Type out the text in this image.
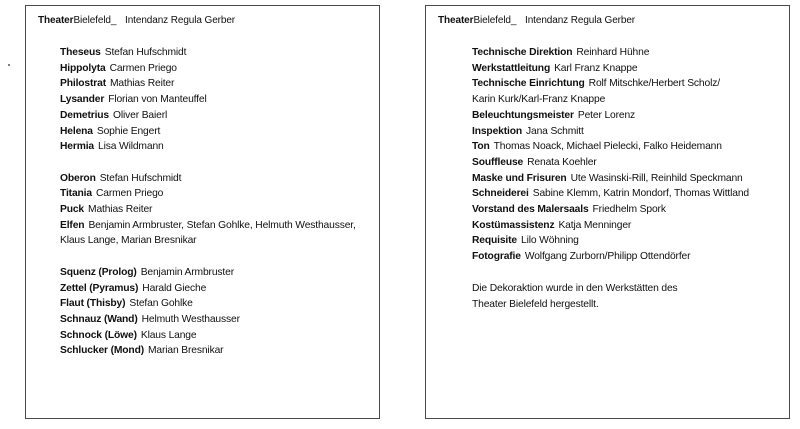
TheaterBielefeld_ Intendanz Regula Gerber
Theseus Stefan Hufschmidt
Hippolyta Carmen Priego
Philostrat Mathias Reiter
Lysander Florian von Manteuffel
Demetrius Oliver Baierl
Helena Sophie Engert
Hermia Lisa Wildmann
Oberon Stefan Hufschmidt
Titania Carmen Priego
Puck Mathias Reiter
Elfen Benjamin Armbruster, Stefan Gohlke, Helmuth Westhausser,
Klaus Lange, Marian Bresnikar
Squenz (Prolog) Benjamin Armbruster
Zettel (Pyramus) Harald Gieche
Flaut (Thisby) Stefan Gohlke
Schnauz (Wand) Helmuth Westhausser
Schnock (Löwe) Klaus Lange
Schlucker (Mond) Marian Bresnikar
TheaterBielefeld_ Intendanz Regula Gerber
Technische Direktion Reinhard Hühne
Werkstattleitung Karl Franz Knappe
Technische Einrichtung Rolf Mitschke/Herbert Scholz/
Karin Kurk/Karl-Franz Knappe
Beleuchtungsmeister Peter Lorenz
Inspektion Jana Schmitt
Ton Thomas Noack, Michael Pielecki, Falko Heidemann
Souffleuse Renata Koehler
Maske und Frisuren Ute Wasinski-Rill, Reinhild Speckmann
Schneiderei Sabine Klemm, Katrin Mondorf, Thomas Wittland
Vorstand des Malersaals Friedhelm Spork
Kostümassistenz Katja Menninger
Requisite Lilo Wöhning
Fotografie Wolfgang Zurborn/Philipp Ottendörfer
Die Dekoraktion wurde in den Werkstätten des
Theater Bielefeld hergestellt.
